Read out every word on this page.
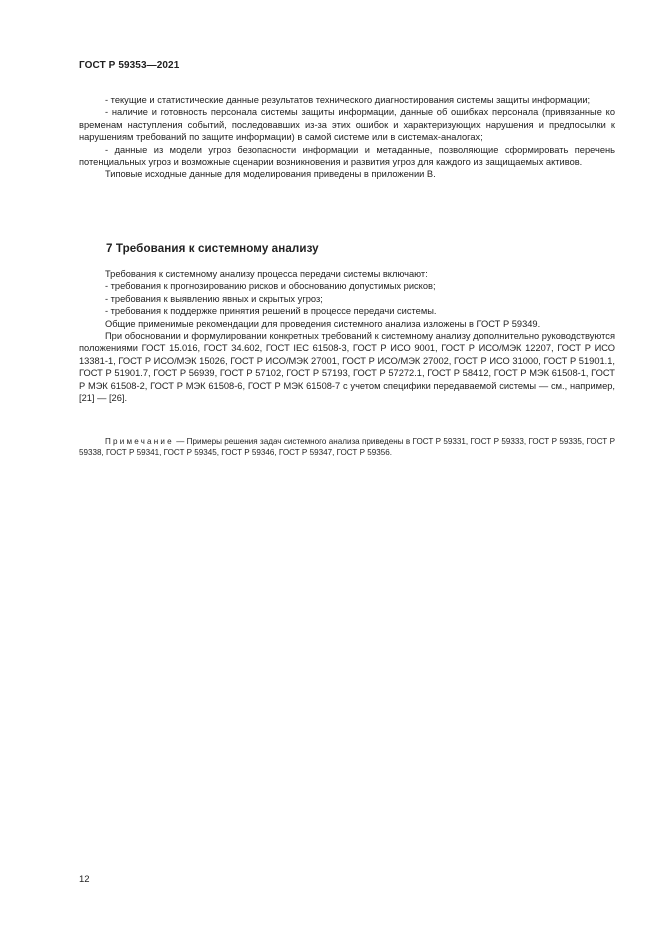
ГОСТ Р 59353—2021

- текущие и статистические данные результатов технического диагностирования системы защиты информации;

- наличие и готовность персонала системы защиты информации, данные об ошибках персонала (привязанные ко временам наступления событий, последовавших из-за этих ошибок и характеризующих нарушения и предпосылки к нарушениям требований по защите информации) в самой системе или в системах-аналогах;

- данные из модели угроз безопасности информации и метаданные, позволяющие сформировать перечень потенциальных угроз и возможные сценарии возникновения и развития угроз для каждого из защищаемых активов.

Типовые исходные данные для моделирования приведены в приложении В.

7 Требования к системному анализу

Требования к системному анализу процесса передачи системы включают:

- требования к прогнозированию рисков и обоснованию допустимых рисков;

- требования к выявлению явных и скрытых угроз;

- требования к поддержке принятия решений в процессе передачи системы.

Общие применимые рекомендации для проведения системного анализа изложены в ГОСТ Р 59349.

При обосновании и формулировании конкретных требований к системному анализу дополнительно руководствуются положениями ГОСТ 15.016, ГОСТ 34.602, ГОСТ IEC 61508-3, ГОСТ Р ИСО 9001, ГОСТ Р ИСО/МЭК 12207, ГОСТ Р ИСО 13381-1, ГОСТ Р ИСО/МЭК 15026, ГОСТ Р ИСО/МЭК 27001, ГОСТ Р ИСО/МЭК 27002, ГОСТ Р ИСО 31000, ГОСТ Р 51901.1, ГОСТ Р 51901.7, ГОСТ Р 56939, ГОСТ Р 57102, ГОСТ Р 57193, ГОСТ Р 57272.1, ГОСТ Р 58412, ГОСТ Р МЭК 61508-1, ГОСТ Р МЭК 61508-2, ГОСТ Р МЭК 61508-6, ГОСТ Р МЭК 61508-7 с учетом специфики передаваемой системы — см., например, [21] — [26].

Примечание — Примеры решения задач системного анализа приведены в ГОСТ Р 59331, ГОСТ Р 59333, ГОСТ Р 59335, ГОСТ Р 59338, ГОСТ Р 59341, ГОСТ Р 59345, ГОСТ Р 59346, ГОСТ Р 59347, ГОСТ Р 59356.
12
